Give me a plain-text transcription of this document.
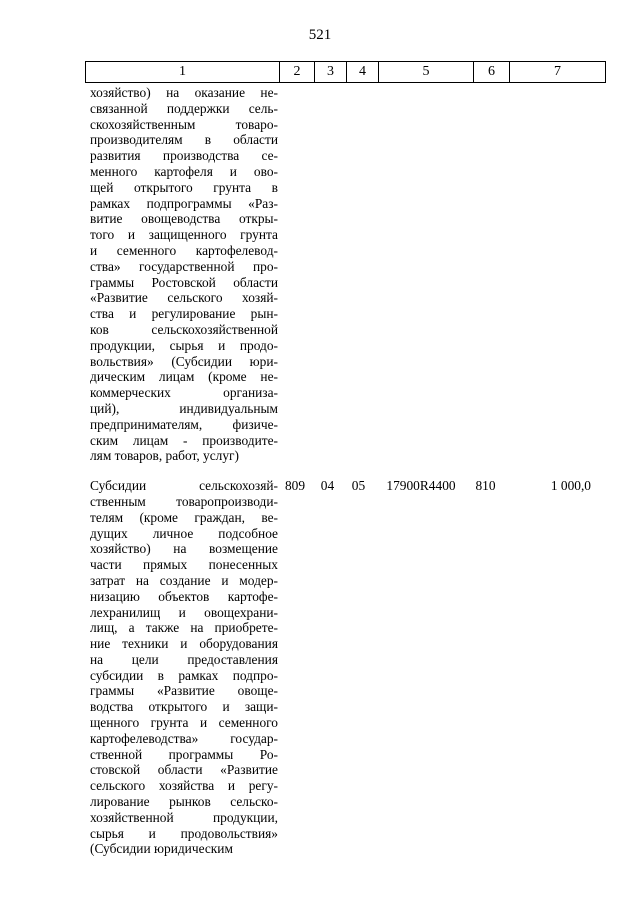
521
1	2	3	4	5	6	7
хозяйство) на оказание не-
связанной поддержки сель-
скохозяйственным товаро-
производителям в области
развития производства се-
менного картофеля и ово-
щей открытого грунта в
рамках подпрограммы «Раз-
витие овощеводства откры-
того и защищенного грунта
и семенного картофелевод-
ства» государственной про-
граммы Ростовской области
«Развитие сельского хозяй-
ства и регулирование рын-
ков сельскохозяйственной
продукции, сырья и продо-
вольствия» (Субсидии юри-
дическим лицам (кроме не-
коммерческих организа-
ций), индивидуальным
предпринимателям, физиче-
ским лицам - производите-
лям товаров, работ, услуг)
Субсидии сельскохозяй-
ственным товаропроизводи-
телям (кроме граждан, ве-
дущих личное подсобное
хозяйство) на возмещение
части прямых понесенных
затрат на создание и модер-
низацию объектов картофе-
лехранилищ и овощехрани-
лищ, а также на приобрете-
ние техники и оборудования
на цели предоставления
субсидии в рамках подпро-
граммы «Развитие овоще-
водства открытого и защи-
щенного грунта и семенного
картофелеводства» государ-
ственной программы Ро-
стовской области «Развитие
сельского хозяйства и регу-
лирование рынков сельско-
хозяйственной продукции,
сырья и продовольствия»
(Субсидии юридическим
809	04	05	17900R4400	810	1 000,0
